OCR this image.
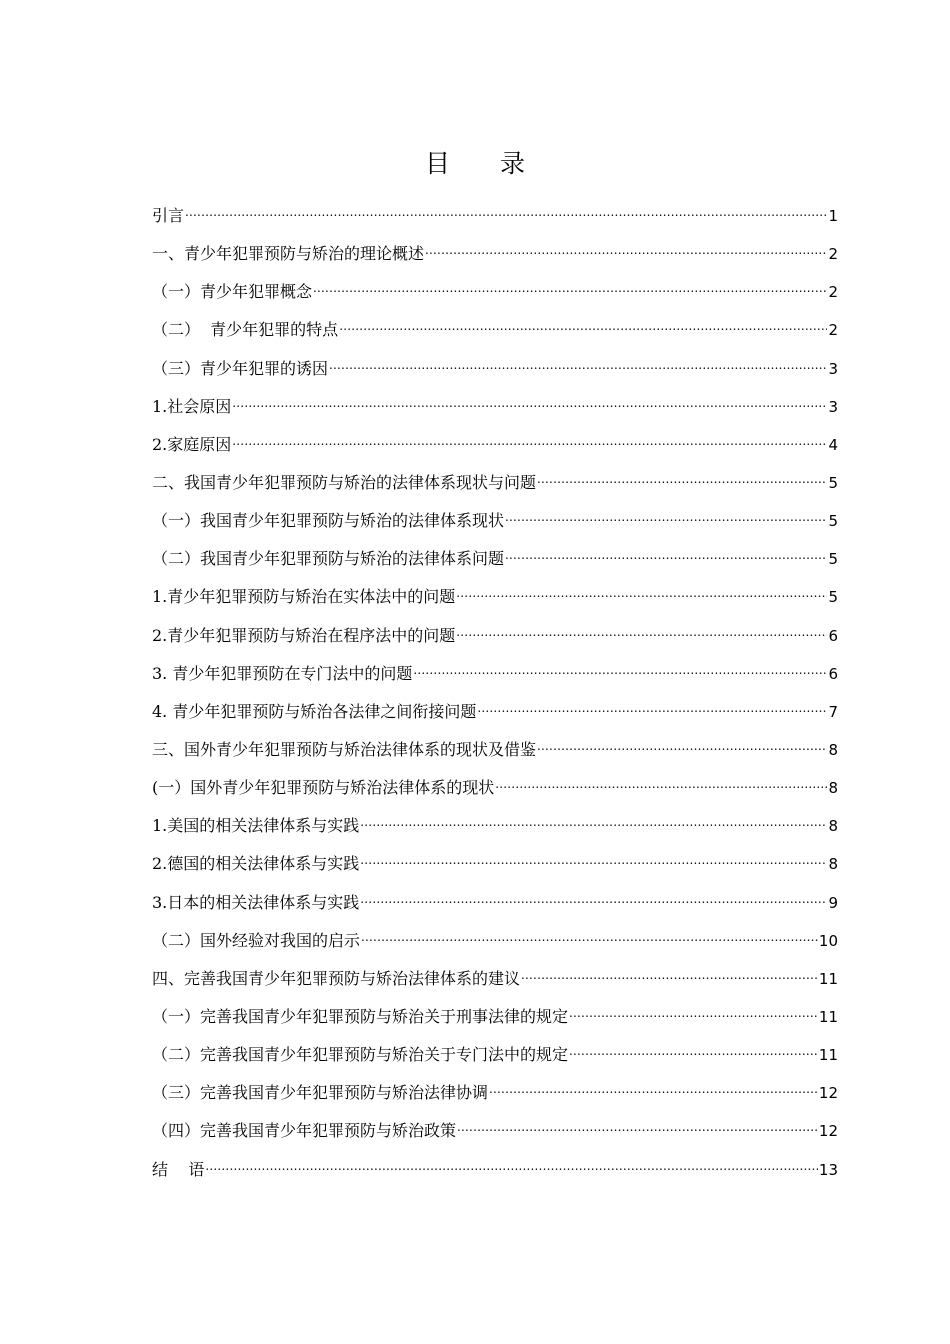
目 录
引言 .....	1
一、青少年犯罪预防与矫治的理论概述 .....	2
（一）青少年犯罪概念 .....	2
（二）  青少年犯罪的特点 .....	2
（三）青少年犯罪的诱因 .....	3
1.社会原因 .....	3
2.家庭原因 .....	4
二、我国青少年犯罪预防与矫治的法律体系现状与问题 .....	5
（一）我国青少年犯罪预防与矫治的法律体系现状 .....	5
（二）我国青少年犯罪预防与矫治的法律体系问题 .....	5
1.青少年犯罪预防与矫治在实体法中的问题 .....	5
2.青少年犯罪预防与矫治在程序法中的问题 .....	6
3. 青少年犯罪预防在专门法中的问题 .....	6
4. 青少年犯罪预防与矫治各法律之间衔接问题 .....	7
三、国外青少年犯罪预防与矫治法律体系的现状及借鉴 .....	8
(一）国外青少年犯罪预防与矫治法律体系的现状 .....	8
1.美国的相关法律体系与实践 .....	8
2.德国的相关法律体系与实践 .....	8
3.日本的相关法律体系与实践 .....	9
（二）国外经验对我国的启示 .....	10
四、完善我国青少年犯罪预防与矫治法律体系的建议 .....	11
（一）完善我国青少年犯罪预防与矫治关于刑事法律的规定 .....	11
（二）完善我国青少年犯罪预防与矫治关于专门法中的规定 .....	11
（三）完善我国青少年犯罪预防与矫治法律协调 .....	12
（四）完善我国青少年犯罪预防与矫治政策 .....	12
结    语 .....	13
